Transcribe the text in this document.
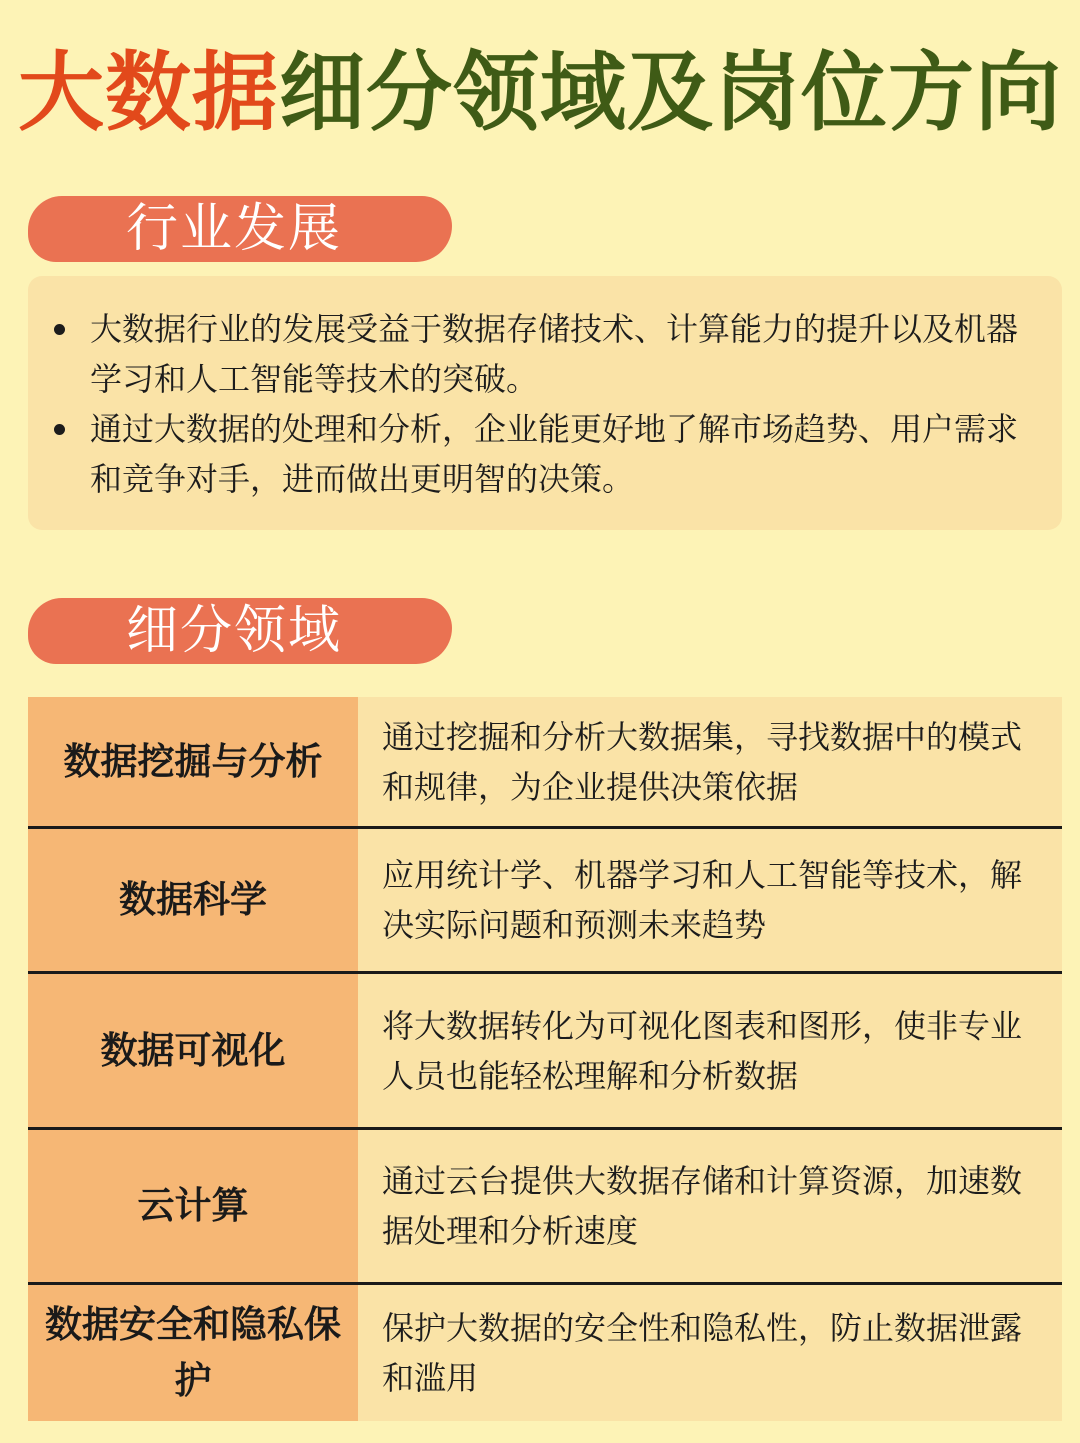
大数据细分领域及岗位方向
行业发展
大数据行业的发展受益于数据存储技术、计算能力的提升以及机器学习和人工智能等技术的突破。
通过大数据的处理和分析，企业能更好地了解市场趋势、用户需求和竞争对手，进而做出更明智的决策。
细分领域
数据挖掘与分析
通过挖掘和分析大数据集，寻找数据中的模式和规律，为企业提供决策依据
数据科学
应用统计学、机器学习和人工智能等技术，解决实际问题和预测未来趋势
数据可视化
将大数据转化为可视化图表和图形，使非专业人员也能轻松理解和分析数据
云计算
通过云台提供大数据存储和计算资源，加速数据处理和分析速度
数据安全和隐私保护
保护大数据的安全性和隐私性，防止数据泄露和滥用
